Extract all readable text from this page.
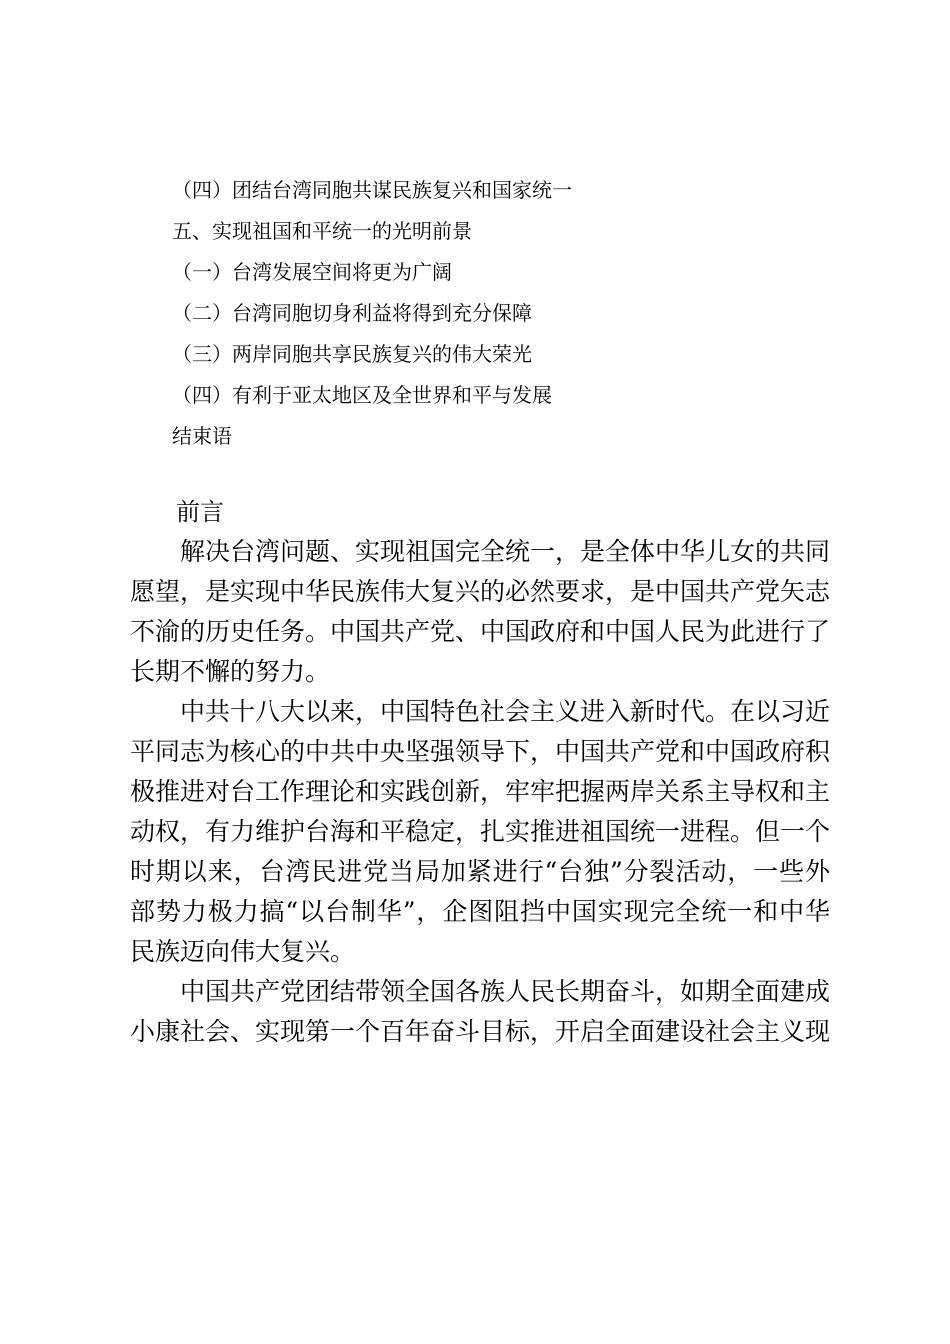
（四）团结台湾同胞共谋民族复兴和国家统一
五、实现祖国和平统一的光明前景
（一）台湾发展空间将更为广阔
（二）台湾同胞切身利益将得到充分保障
（三）两岸同胞共享民族复兴的伟大荣光
（四）有利于亚太地区及全世界和平与发展
结束语
前言

解决台湾问题、实现祖国完全统一，是全体中华儿女的共同愿望，是实现中华民族伟大复兴的必然要求，是中国共产党矢志不渝的历史任务。中国共产党、中国政府和中国人民为此进行了长期不懈的努力。

中共十八大以来，中国特色社会主义进入新时代。在以习近平同志为核心的中共中央坚强领导下，中国共产党和中国政府积极推进对台工作理论和实践创新，牢牢把握两岸关系主导权和主动权，有力维护台海和平稳定，扎实推进祖国统一进程。但一个时期以来，台湾民进党当局加紧进行“台独”分裂活动，一些外部势力极力搞“以台制华”，企图阻挡中国实现完全统一和中华民族迈向伟大复兴。

中国共产党团结带领全国各族人民长期奋斗，如期全面建成小康社会、实现第一个百年奋斗目标，开启全面建设社会主义现
